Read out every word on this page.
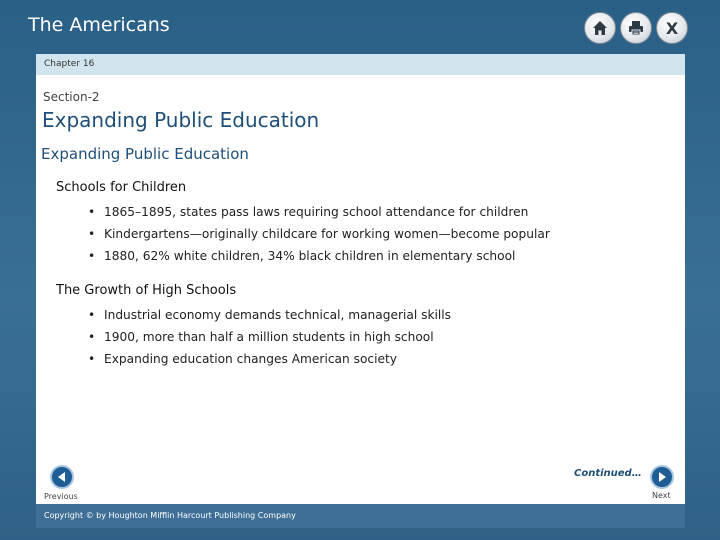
The Americans	X
Chapter 16
Section-2
Expanding Public Education
Expanding Public Education
Schools for Children
• 1865–1895, states pass laws requiring school attendance for children
• Kindergartens—originally childcare for working women—become popular
• 1880, 62% white children, 34% black children in elementary school
The Growth of High Schools
• Industrial economy demands technical, managerial skills
• 1900, more than half a million students in high school
• Expanding education changes American society
Continued…
Previous	Next
Copyright © by Houghton Mifflin Harcourt Publishing Company
